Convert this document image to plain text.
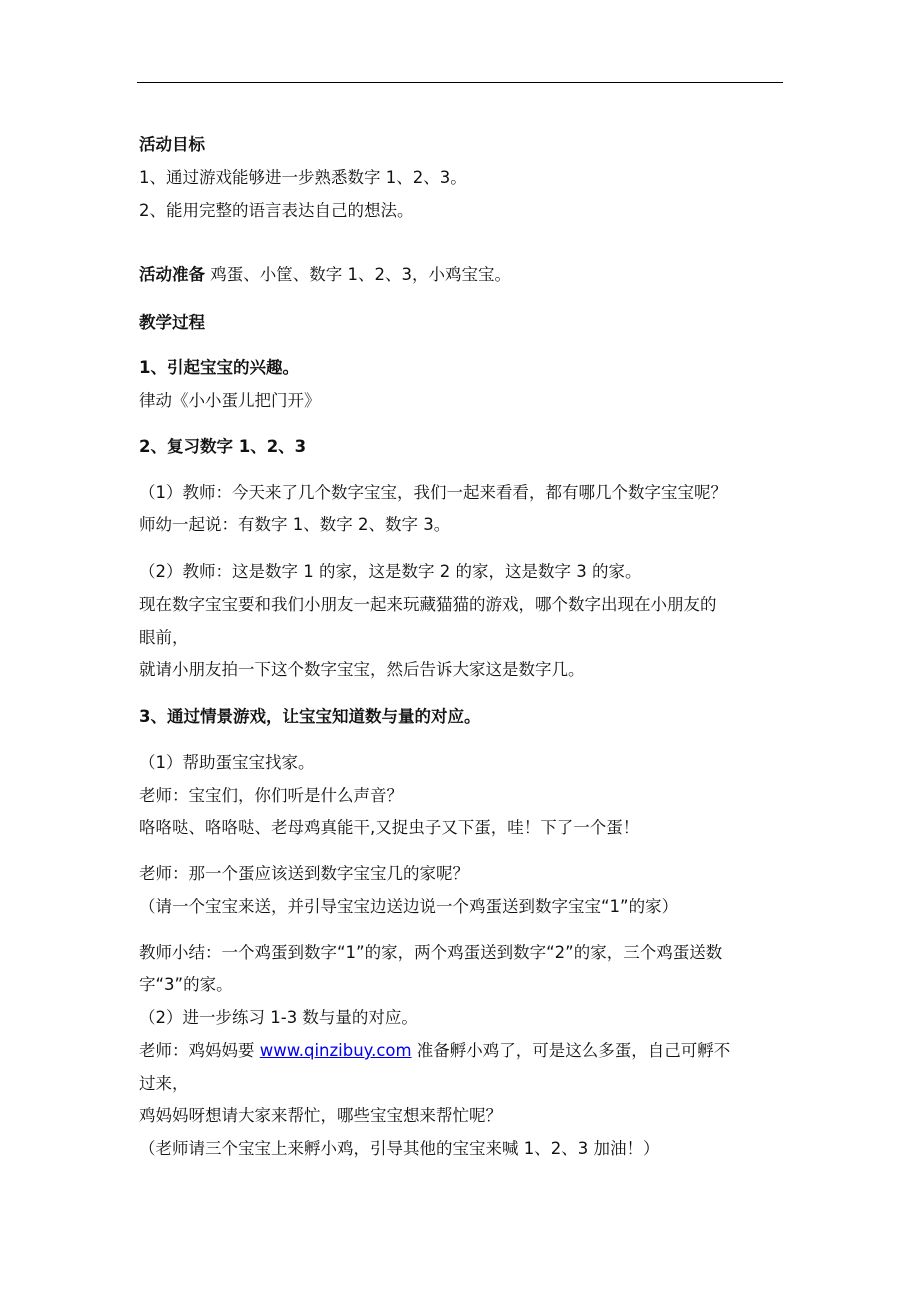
活动目标
1、通过游戏能够进一步熟悉数字 1、2、3。
2、能用完整的语言表达自己的想法。
活动准备 鸡蛋、小筐、数字 1、2、3，小鸡宝宝。
教学过程
1、引起宝宝的兴趣。
律动《小小蛋儿把门开》
2、复习数字 1、2、3
（1）教师：今天来了几个数字宝宝，我们一起来看看，都有哪几个数字宝宝呢？
师幼一起说：有数字 1、数字 2、数字 3。
（2）教师：这是数字 1 的家，这是数字 2 的家，这是数字 3 的家。
现在数字宝宝要和我们小朋友一起来玩藏猫猫的游戏，哪个数字出现在小朋友的
眼前，
就请小朋友拍一下这个数字宝宝，然后告诉大家这是数字几。
3、通过情景游戏，让宝宝知道数与量的对应。
（1）帮助蛋宝宝找家。
老师：宝宝们，你们听是什么声音？
咯咯哒、咯咯哒、老母鸡真能干,又捉虫子又下蛋，哇！下了一个蛋！
老师：那一个蛋应该送到数字宝宝几的家呢？
（请一个宝宝来送，并引导宝宝边送边说一个鸡蛋送到数字宝宝“1”的家）
教师小结：一个鸡蛋到数字“1”的家，两个鸡蛋送到数字“2”的家，三个鸡蛋送数
字“3”的家。
（2）进一步练习 1-3 数与量的对应。
老师：鸡妈妈要 www.qinzibuy.com 准备孵小鸡了，可是这么多蛋，自己可孵不
过来，
鸡妈妈呀想请大家来帮忙，哪些宝宝想来帮忙呢？
（老师请三个宝宝上来孵小鸡，引导其他的宝宝来喊 1、2、3 加油！）
